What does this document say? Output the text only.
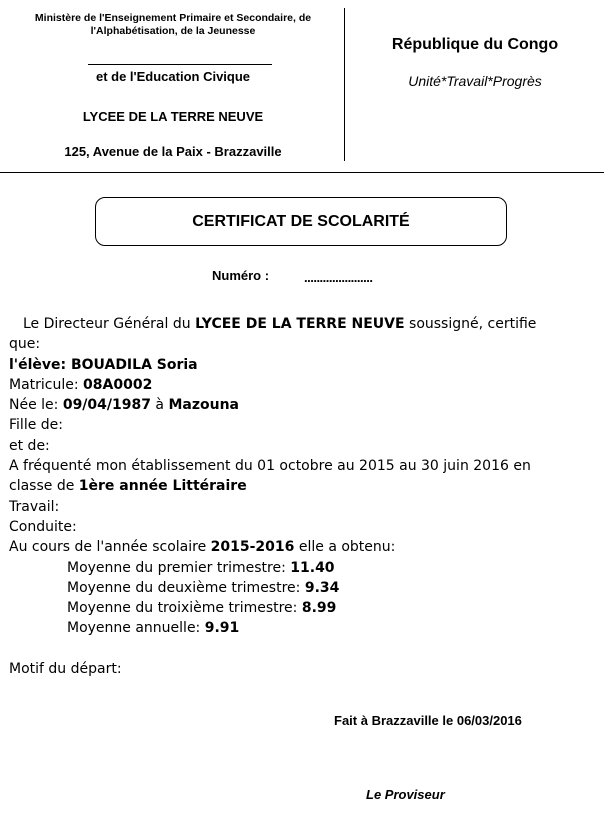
Ministère de l'Enseignement Primaire et Secondaire, de l'Alphabétisation, de la Jeunesse
et de l'Education Civique
LYCEE DE LA TERRE NEUVE
125, Avenue de la Paix - Brazzaville
République du Congo
Unité*Travail*Progrès
CERTIFICAT DE SCOLARITÉ
Numéro :	......................

Le Directeur Général du LYCEE DE LA TERRE NEUVE soussigné, certifie

que:

l'élève: BOUADILA Soria

Matricule: 08A0002

Née le: 09/04/1987 à Mazouna

Fille de:

et de:

A fréquenté mon établissement du 01 octobre au 2015 au 30 juin 2016 en

classe de 1ère année Littéraire

Travail:

Conduite:

Au cours de l'année scolaire 2015-2016 elle a obtenu:

Moyenne du premier trimestre: 11.40

Moyenne du deuxième trimestre: 9.34

Moyenne du troixième trimestre: 8.99

Moyenne annuelle: 9.91

Motif du départ:

Fait à Brazzaville le 06/03/2016
Le Proviseur
